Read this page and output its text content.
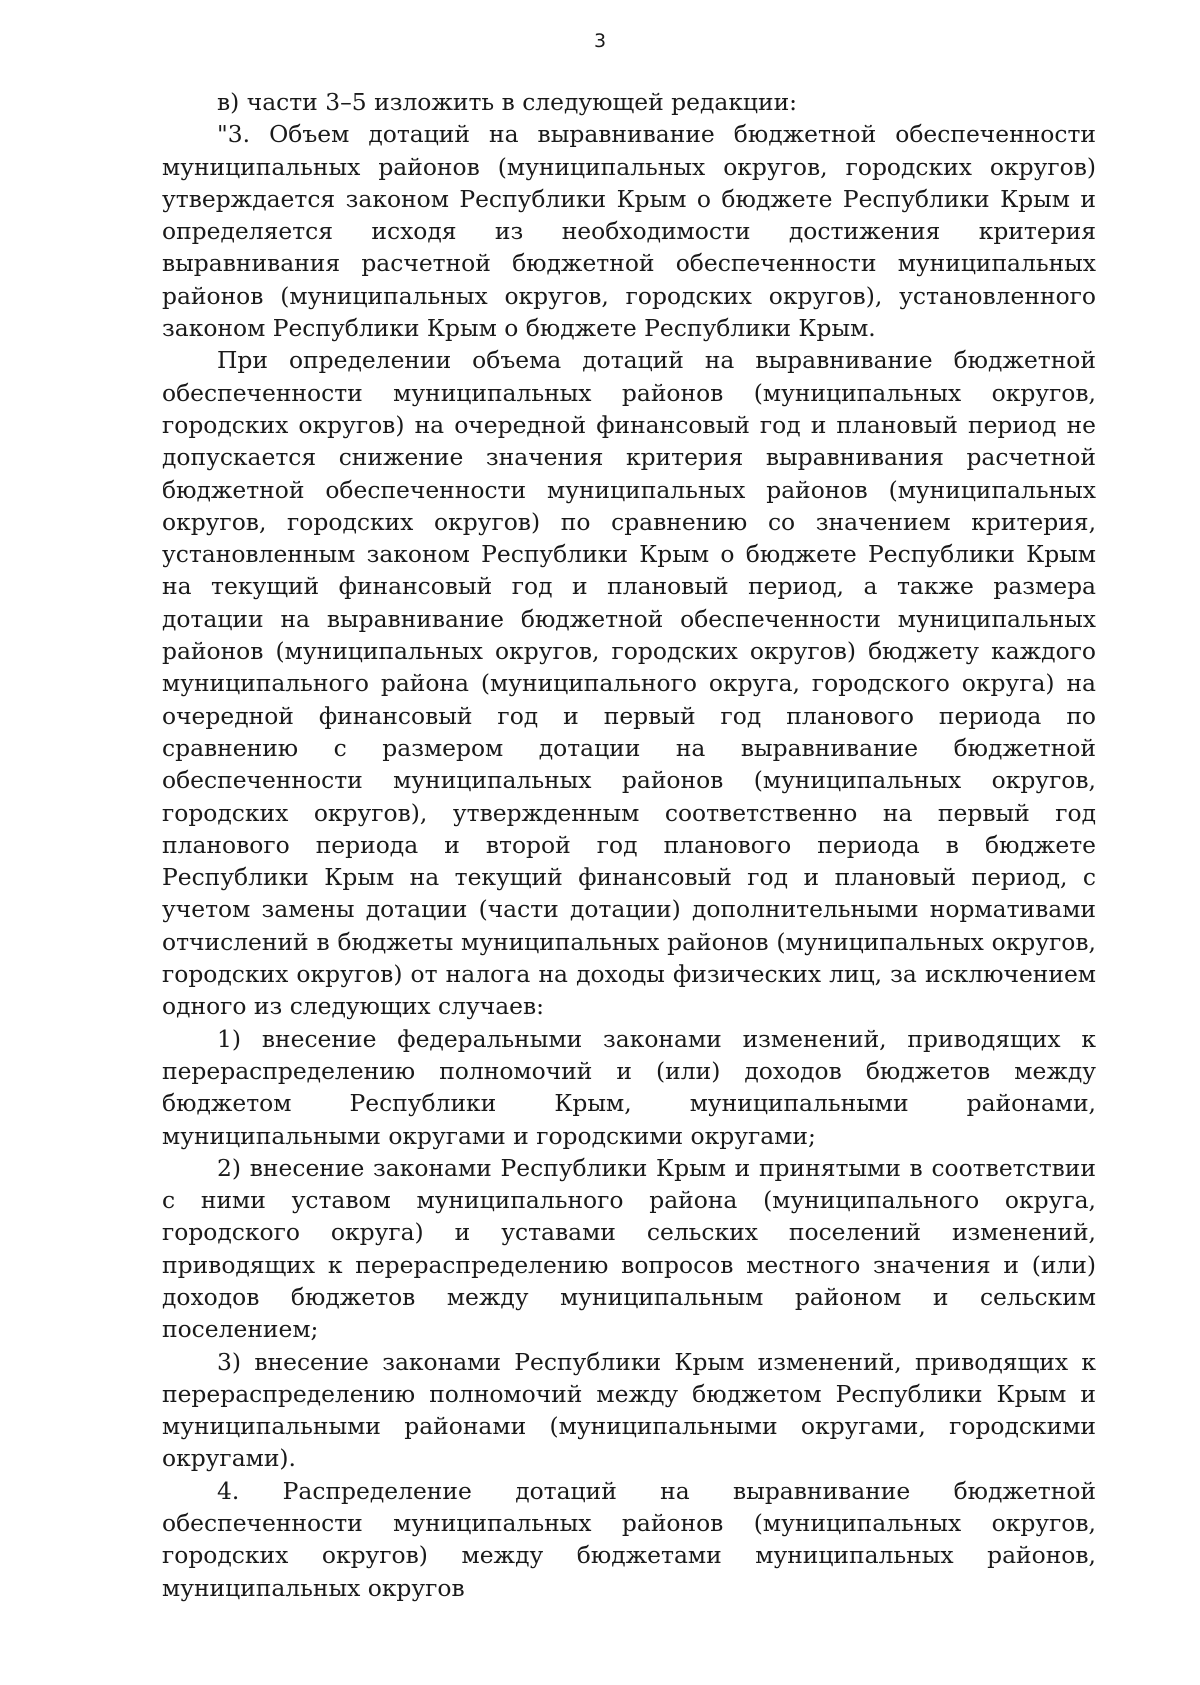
3

в) части 3–5 изложить в следующей редакции:

"3. Объем дотаций на выравнивание бюджетной обеспеченности муниципальных районов (муниципальных округов, городских округов) утверждается законом Республики Крым о бюджете Республики Крым и определяется исходя из необходимости достижения критерия выравнивания расчетной бюджетной обеспеченности муниципальных районов (муниципальных округов, городских округов), установленного законом Республики Крым о бюджете Республики Крым.

При определении объема дотаций на выравнивание бюджетной обеспеченности муниципальных районов (муниципальных округов, городских округов) на очередной финансовый год и плановый период не допускается снижение значения критерия выравнивания расчетной бюджетной обеспеченности муниципальных районов (муниципальных округов, городских округов) по сравнению со значением критерия, установленным законом Республики Крым о бюджете Республики Крым на текущий финансовый год и плановый период, а также размера дотации на выравнивание бюджетной обеспеченности муниципальных районов (муниципальных округов, городских округов) бюджету каждого муниципального района (муниципального округа, городского округа) на очередной финансовый год и первый год планового периода по сравнению с размером дотации на выравнивание бюджетной обеспеченности муниципальных районов (муниципальных округов, городских округов), утвержденным соответственно на первый год планового периода и второй год планового периода в бюджете Республики Крым на текущий финансовый год и плановый период, с учетом замены дотации (части дотации) дополнительными нормативами отчислений в бюджеты муниципальных районов (муниципальных округов, городских округов) от налога на доходы физических лиц, за исключением одного из следующих случаев:

1) внесение федеральными законами изменений, приводящих к перераспределению полномочий и (или) доходов бюджетов между бюджетом Республики Крым, муниципальными районами, муниципальными округами и городскими округами;

2) внесение законами Республики Крым и принятыми в соответствии с ними уставом муниципального района (муниципального округа, городского округа) и уставами сельских поселений изменений, приводящих к перераспределению вопросов местного значения и (или) доходов бюджетов между муниципальным районом и сельским поселением;

3) внесение законами Республики Крым изменений, приводящих к перераспределению полномочий между бюджетом Республики Крым и муниципальными районами (муниципальными округами, городскими округами).

4. Распределение дотаций на выравнивание бюджетной обеспеченности муниципальных районов (муниципальных округов, городских округов) между бюджетами муниципальных районов, муниципальных округов
